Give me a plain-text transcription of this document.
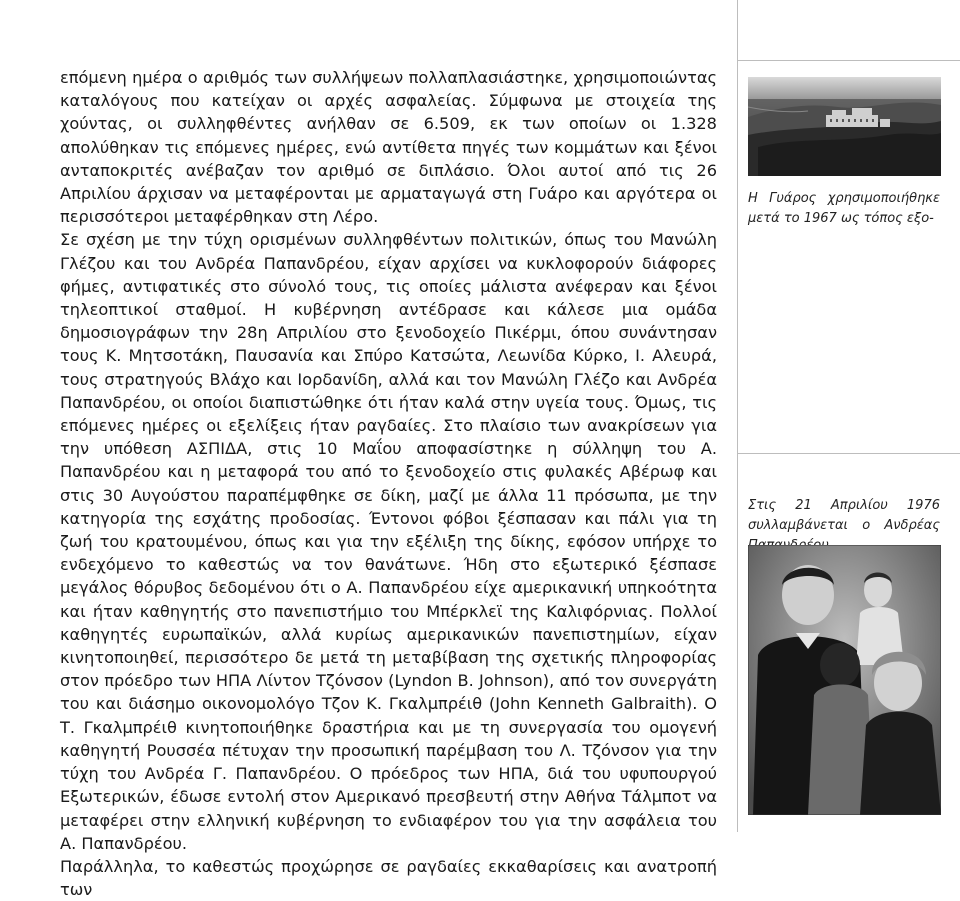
επόμενη ημέρα ο αριθμός των συλλήψεων πολλαπλασιάστηκε, χρησιμοποιώντας καταλόγους που κατείχαν οι αρχές ασφαλείας. Σύμφωνα με στοιχεία της χούντας, οι συλληφθέντες ανήλθαν σε 6.509, εκ των οποίων οι 1.328 απολύθηκαν τις επόμενες ημέρες, ενώ αντίθετα πηγές των κομμάτων και ξένοι ανταποκριτές ανέβαζαν τον αριθμό σε διπλάσιο. Όλοι αυτοί από τις 26 Απριλίου άρχισαν να μεταφέρονται με αρματαγωγά στη Γυάρο και αργότερα οι περισσότεροι μεταφέρθηκαν στη Λέρο.

Σε σχέση με την τύχη ορισμένων συλληφθέντων πολιτικών, όπως του Μανώλη Γλέζου και του Ανδρέα Παπανδρέου, είχαν αρχίσει να κυκλοφορούν διάφορες φήμες, αντιφατικές στο σύνολό τους, τις οποίες μάλιστα ανέφεραν και ξένοι τηλεοπτικοί σταθμοί. Η κυβέρνηση αντέδρασε και κάλεσε μια ομάδα δημοσιογράφων την 28η Απριλίου στο ξενοδοχείο Πικέρμι, όπου συνάντησαν τους Κ. Μητσοτάκη, Παυσανία και Σπύρο Κατσώτα, Λεωνίδα Κύρκο, Ι. Αλευρά, τους στρατηγούς Βλάχο και Ιορδανίδη, αλλά και τον Μανώλη Γλέζο και Ανδρέα Παπανδρέου, οι οποίοι διαπιστώθηκε ότι ήταν καλά στην υγεία τους. Όμως, τις επόμενες ημέρες οι εξελίξεις ήταν ραγδαίες. Στο πλαίσιο των ανακρίσεων για την υπόθεση ΑΣΠΙΔΑ, στις 10 Μαΐου αποφασίστηκε η σύλληψη του Α. Παπανδρέου και η μεταφορά του από το ξενοδοχείο στις φυλακές Αβέρωφ και στις 30 Αυγούστου παραπέμφθηκε σε δίκη, μαζί με άλλα 11 πρόσωπα, με την κατηγορία της εσχάτης προδοσίας. Έντονοι φόβοι ξέσπασαν και πάλι για τη ζωή του κρατουμένου, όπως και για την εξέλιξη της δίκης, εφόσον υπήρχε το ενδεχόμενο το καθεστώς να τον θανάτωνε. Ήδη στο εξωτερικό ξέσπασε μεγάλος θόρυβος δεδομένου ότι ο Α. Παπανδρέου είχε αμερικανική υπηκοότητα και ήταν καθηγητής στο πανεπιστήμιο του Μπέρκλεϊ της Καλιφόρνιας. Πολλοί καθηγητές ευρωπαϊκών, αλλά κυρίως αμερικανικών πανεπιστημίων, είχαν κινητοποιηθεί, περισσότερο δε μετά τη μεταβίβαση της σχετικής πληροφορίας στον πρόεδρο των ΗΠΑ Λίντον Τζόνσον (Lyndon B. Johnson), από τον συνεργάτη του και διάσημο οικονομολόγο Τζον Κ. Γκαλμπρέιθ (John Kenneth Galbraith). Ο Τ. Γκαλμπρέιθ κινητοποιήθηκε δραστήρια και με τη συνεργασία του ομογενή καθηγητή Ρουσσέα πέτυχαν την προσωπική παρέμβαση του Λ. Τζόνσον για την τύχη του Ανδρέα Γ. Παπανδρέου. Ο πρόεδρος των ΗΠΑ, διά του υφυπουργού Εξωτερικών, έδωσε εντολή στον Αμερικανό πρεσβευτή στην Αθήνα Τάλμποτ να μεταφέρει στην ελληνική κυβέρνηση το ενδιαφέρον του για την ασφάλεια του Α. Παπανδρέου.

Παράλληλα, το καθεστώς προχώρησε σε ραγδαίες εκκαθαρίσεις και ανατροπή των

Η Γυάρος χρησιμοποιήθηκε μετά το 1967 ως τόπος εξο-
Στις 21 Απριλίου 1976 συλλαμβάνεται ο Ανδρέας
